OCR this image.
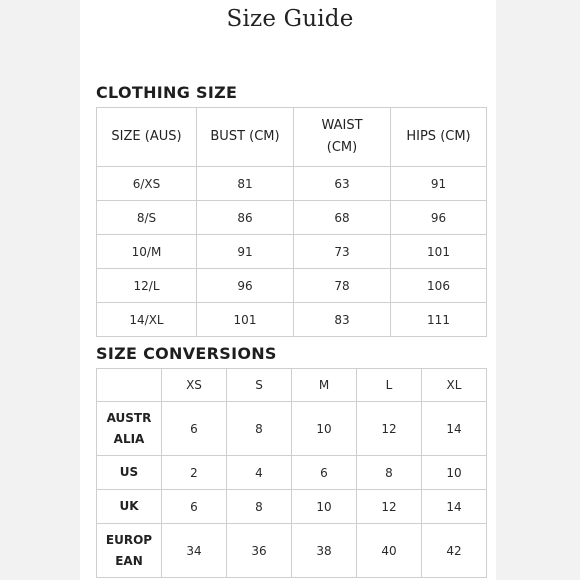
Size Guide
CLOTHING SIZE
SIZE (AUS)	BUST (CM)	WAIST (CM)	HIPS (CM)
6/XS	81	63	91
8/S	86	68	96
10/M	91	73	101
12/L	96	78	106
14/XL	101	83	111
SIZE CONVERSIONS
	XS	S	M	L	XL
AUSTRALIA	6	8	10	12	14
US	2	4	6	8	10
UK	6	8	10	12	14
EUROPEAN	34	36	38	40	42
